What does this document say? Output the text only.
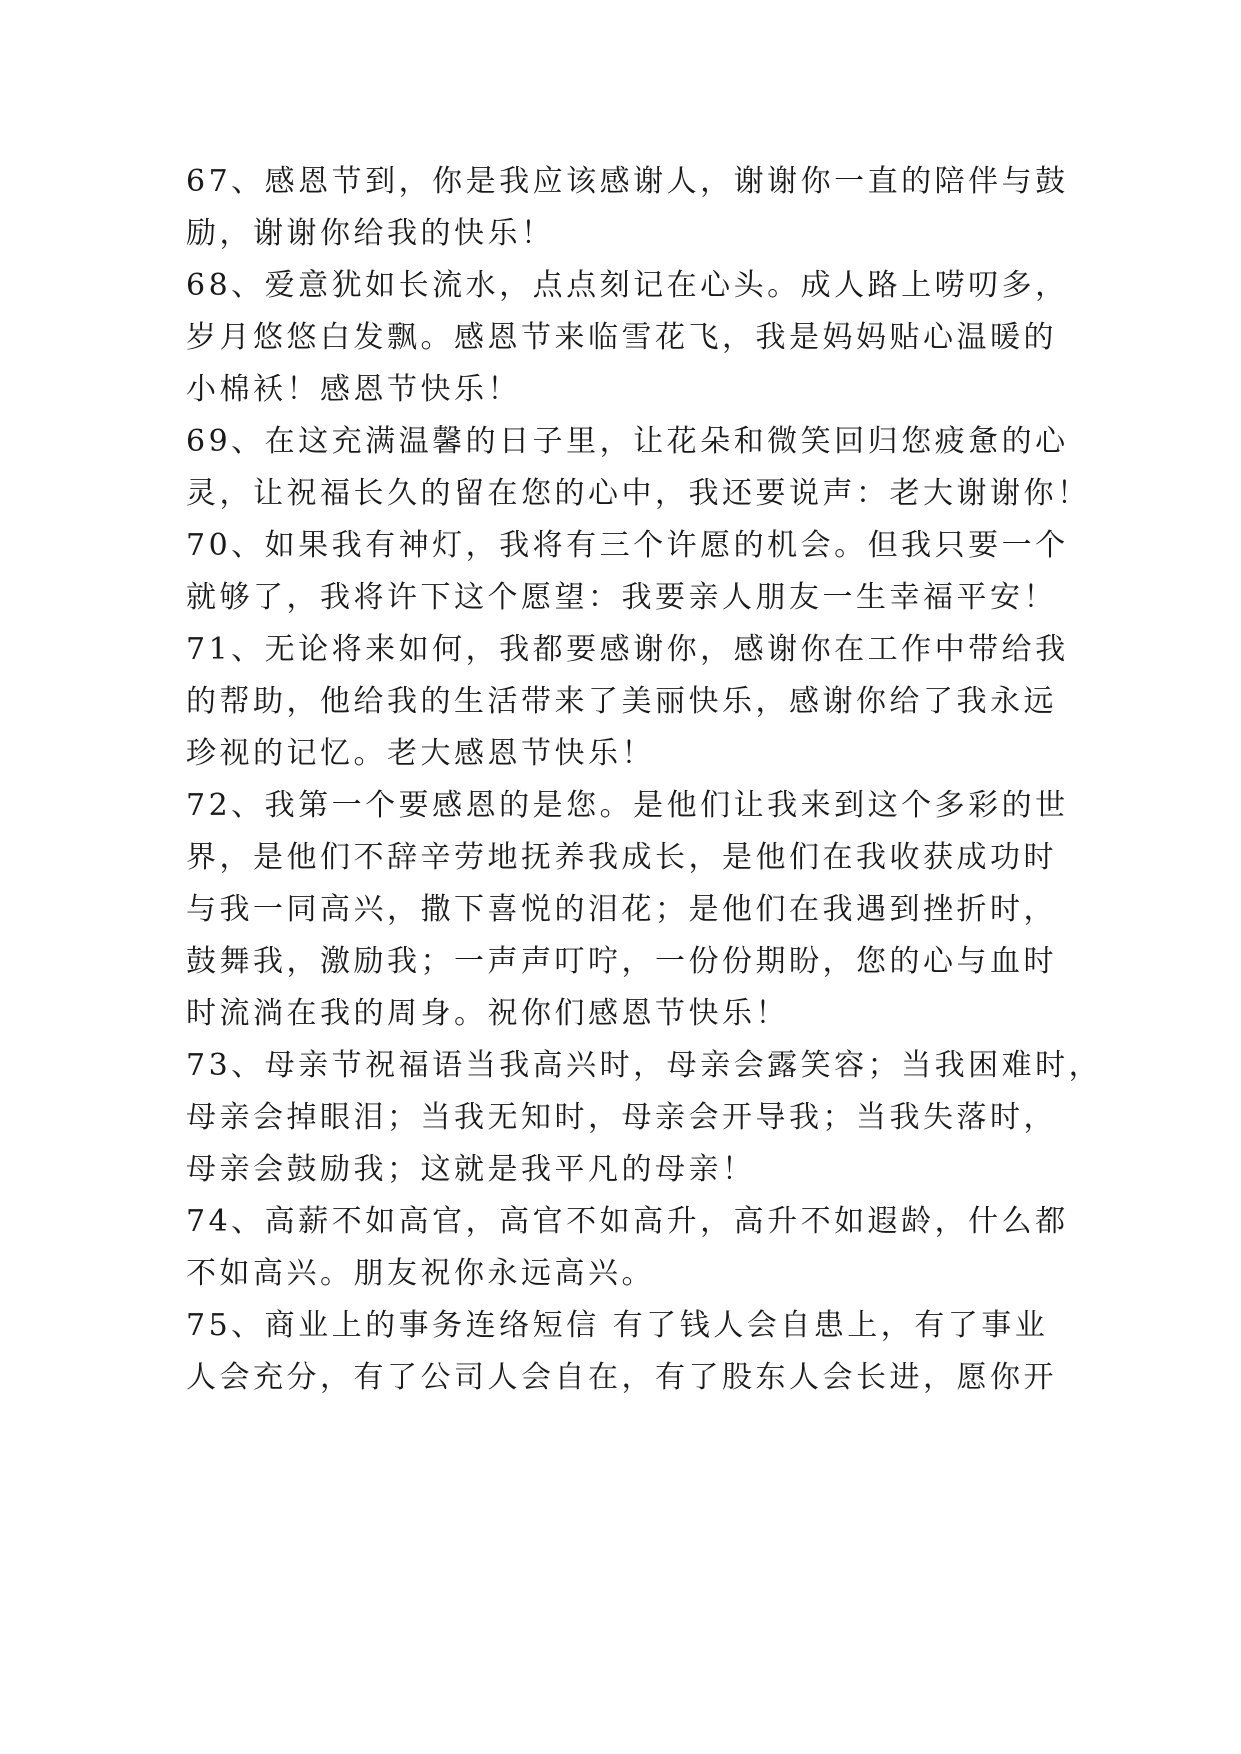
67、感恩节到，你是我应该感谢人，谢谢你一直的陪伴与鼓
励，谢谢你给我的快乐！
68、爱意犹如长流水，点点刻记在心头。成人路上唠叨多，
岁月悠悠白发飘。感恩节来临雪花飞，我是妈妈贴心温暖的
小棉袄！感恩节快乐！
69、在这充满温馨的日子里，让花朵和微笑回归您疲惫的心
灵，让祝福长久的留在您的心中，我还要说声：老大谢谢你！
70、如果我有神灯，我将有三个许愿的机会。但我只要一个
就够了，我将许下这个愿望：我要亲人朋友一生幸福平安！
71、无论将来如何，我都要感谢你，感谢你在工作中带给我
的帮助，他给我的生活带来了美丽快乐，感谢你给了我永远
珍视的记忆。老大感恩节快乐！
72、我第一个要感恩的是您。是他们让我来到这个多彩的世
界，是他们不辞辛劳地抚养我成长，是他们在我收获成功时
与我一同高兴，撒下喜悦的泪花；是他们在我遇到挫折时，
鼓舞我，激励我；一声声叮咛，一份份期盼，您的心与血时
时流淌在我的周身。祝你们感恩节快乐！
73、母亲节祝福语当我高兴时，母亲会露笑容；当我困难时，
母亲会掉眼泪；当我无知时，母亲会开导我；当我失落时，
母亲会鼓励我；这就是我平凡的母亲！
74、高薪不如高官，高官不如高升，高升不如遐龄，什么都
不如高兴。朋友祝你永远高兴。
75、商业上的事务连络短信 有了钱人会自患上，有了事业
人会充分，有了公司人会自在，有了股东人会长进，愿你开
